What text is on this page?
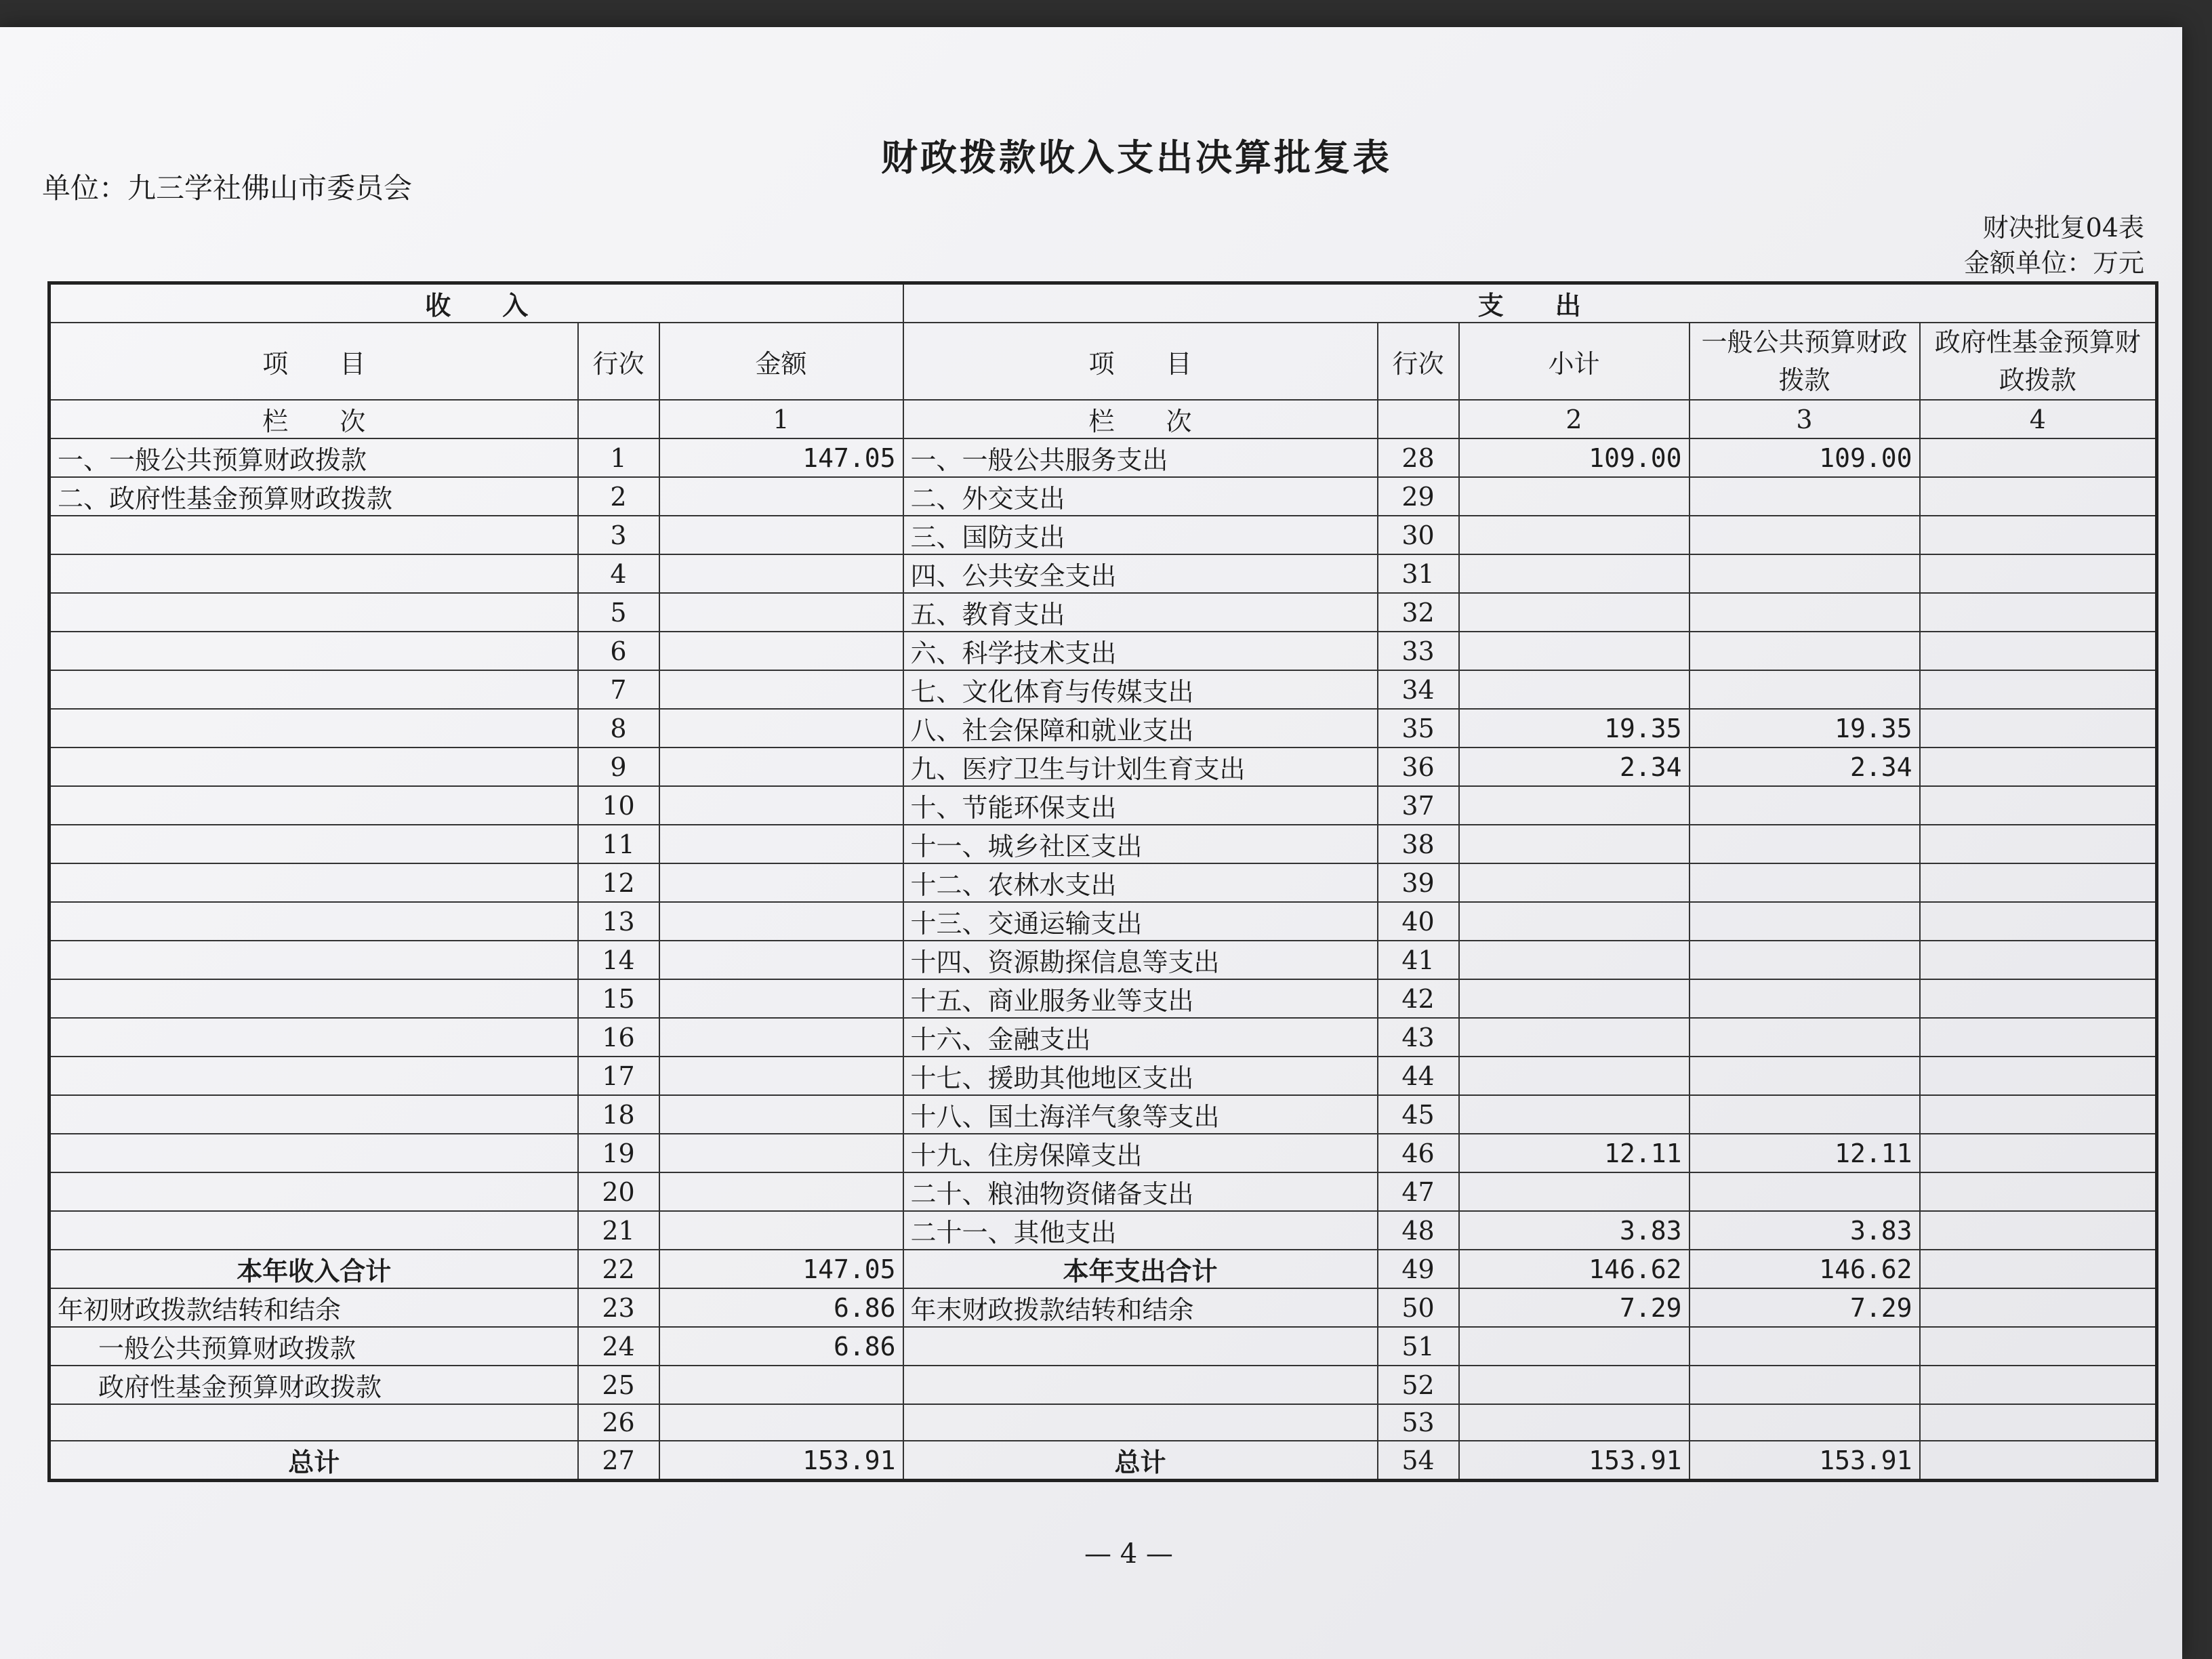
财政拨款收入支出决算批复表
单位：九三学社佛山市委员会
财决批复04表
金额单位：万元
收　　入			支　　出				
项　　目	行次	金额	项　　目	行次	小计	一般公共预算财政拨款	政府性基金预算财政拨款

栏　　次		1	栏　　次		2	3	4
一、一般公共预算财政拨款	1	147.05	一、一般公共服务支出	28	109.00	109.00	
二、政府性基金预算财政拨款	2		二、外交支出	29			
	3		三、国防支出	30			
	4		四、公共安全支出	31			
	5		五、教育支出	32			
	6		六、科学技术支出	33			
	7		七、文化体育与传媒支出	34			
	8		八、社会保障和就业支出	35	19.35	19.35	
	9		九、医疗卫生与计划生育支出	36	2.34	2.34	
	10		十、节能环保支出	37			
	11		十一、城乡社区支出	38			
	12		十二、农林水支出	39			
	13		十三、交通运输支出	40			
	14		十四、资源勘探信息等支出	41			
	15		十五、商业服务业等支出	42			
	16		十六、金融支出	43			
	17		十七、援助其他地区支出	44			
	18		十八、国土海洋气象等支出	45			
	19		十九、住房保障支出	46	12.11	12.11	
	20		二十、粮油物资储备支出	47			
	21		二十一、其他支出	48	3.83	3.83	
本年收入合计	22	147.05	本年支出合计	49	146.62	146.62	
年初财政拨款结转和结余	23	6.86	年末财政拨款结转和结余	50	7.29	7.29	
一般公共预算财政拨款	24	6.86		51			
政府性基金预算财政拨款	25			52			
	26			53			
总计	27	153.91	总计	54	153.91	153.91	
— 4 —
